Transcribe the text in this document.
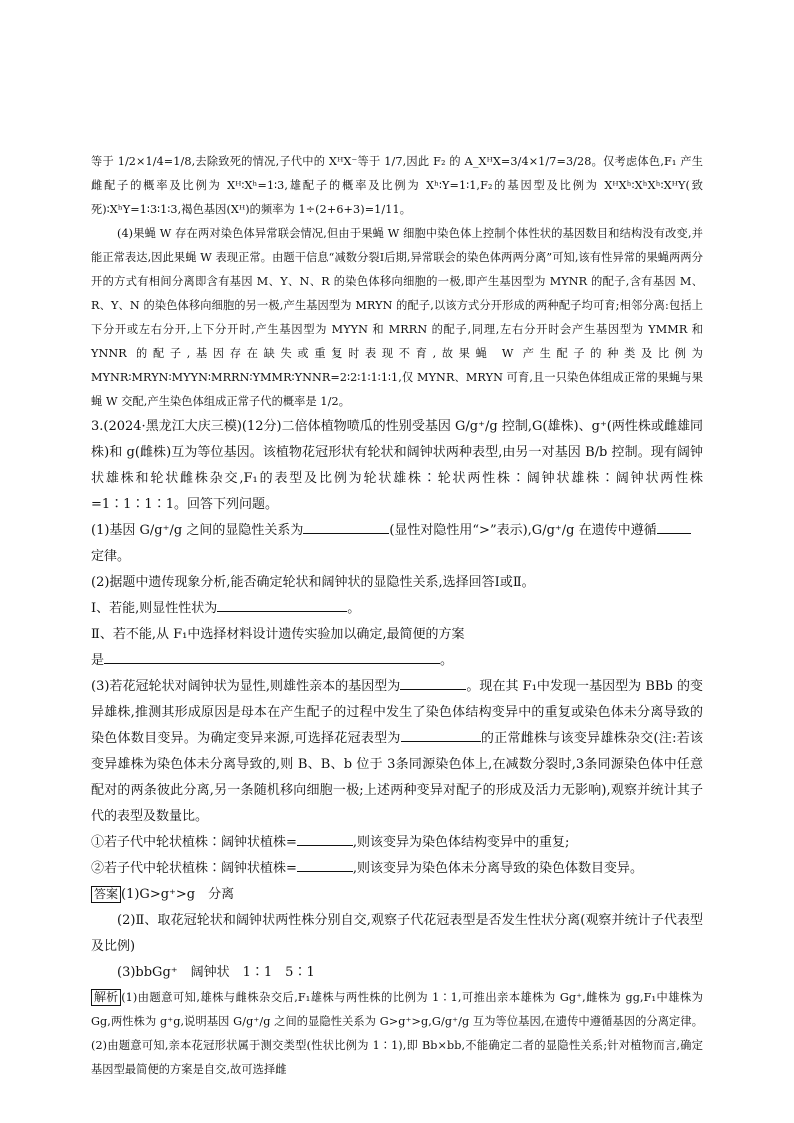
等于 1/2×1/4=1/8,去除致死的情况,子代中的 XᴴX⁻等于 1/7,因此 F₂ 的 A_XᴴX=3/4×1/7=3/28。仅考虑体色,F₁ 产生雌配子的概率及比例为 Xᴴ∶Xʰ=1∶3,雄配子的概率及比例为 Xʰ∶Y=1∶1,F₂的基因型及比例为 XᴴXʰ∶XʰXʰ∶XᴴY(致死)∶XʰY=1∶3∶1∶3,褐色基因(Xᴴ)的频率为 1÷(2+6+3)=1/11。

(4)果蝇 W 存在两对染色体异常联会情况,但由于果蝇 W 细胞中染色体上控制个体性状的基因数目和结构没有改变,并能正常表达,因此果蝇 W 表现正常。由题干信息“减数分裂Ⅰ后期,异常联会的染色体两两分离”可知,该有性异常的果蝇两两分开的方式有相间分离即含有基因 M、Y、N、R 的染色体移向细胞的一极,即产生基因型为 MYNR 的配子,含有基因 M、R、Y、N 的染色体移向细胞的另一极,产生基因型为 MRYN 的配子,以该方式分开形成的两种配子均可育;相邻分离:包括上下分开或左右分开,上下分开时,产生基因型为 MYYN 和 MRRN 的配子,同理,左右分开时会产生基因型为 YMMR 和 YNNR 的配子,基因存在缺失或重复时表现不育,故果蝇 W 产生配子的种类及比例为 MYNR∶MRYN∶MYYN∶MRRN∶YMMR∶YNNR=2∶2∶1∶1∶1∶1,仅 MYNR、MRYN 可育,且一只染色体组成正常的果蝇与果蝇 W 交配,产生染色体组成正常子代的概率是 1/2。

3.(2024·黑龙江大庆三模)(12分)二倍体植物喷瓜的性别受基因 G/g⁺/g 控制,G(雄株)、g⁺(两性株或雌雄同株)和 g(雌株)互为等位基因。该植物花冠形状有轮状和阔钟状两种表型,由另一对基因 B/b 控制。现有阔钟状雄株和轮状雌株杂交,F₁的表型及比例为轮状雄株∶轮状两性株∶阔钟状雄株∶阔钟状两性株=1∶1∶1∶1。回答下列问题。

(1)基因 G/g⁺/g 之间的显隐性关系为	(显性对隐性用“>”表示),G/g⁺/g 在遗传中遵循
定律。

(2)据题中遗传现象分析,能否确定轮状和阔钟状的显隐性关系,选择回答Ⅰ或Ⅱ。

Ⅰ、若能,则显性性状为	。

Ⅱ、若不能,从 F₁中选择材料设计遗传实验加以确定,最简便的方案
是	。

(3)若花冠轮状对阔钟状为显性,则雄性亲本的基因型为	。现在其 F₁中发现一基因型为 BBb 的变异雄株,推测其形成原因是母本在产生配子的过程中发生了染色体结构变异中的重复或染色体未分离导致的染色体数目变异。为确定变异来源,可选择花冠表型为	的正常雌株与该变异雄株杂交(注:若该变异雄株为染色体未分离导致的,则 B、B、b 位于 3条同源染色体上,在减数分裂时,3条同源染色体中任意配对的两条彼此分离,另一条随机移向细胞一极;上述两种变异对配子的形成及活力无影响),观察并统计其子代的表型及数量比。

①若子代中轮状植株∶阔钟状植株=	,则该变异为染色体结构变异中的重复;

②若子代中轮状植株∶阔钟状植株=	,则该变异为染色体未分离导致的染色体数目变异。

答案 (1)G>g⁺>g　分离

(2)Ⅱ、取花冠轮状和阔钟状两性株分别自交,观察子代花冠表型是否发生性状分离(观察并统计子代表型及比例)

(3)bbGg⁺　阔钟状　1∶1　5∶1

解析 (1)由题意可知,雄株与雌株杂交后,F₁雄株与两性株的比例为 1∶1,可推出亲本雄株为 Gg⁺,雌株为 gg,F₁中雄株为 Gg,两性株为 g⁺g,说明基因 G/g⁺/g 之间的显隐性关系为 G>g⁺>g,G/g⁺/g 互为等位基因,在遗传中遵循基因的分离定律。(2)由题意可知,亲本花冠形状属于测交类型(性状比例为 1∶1),即 Bb×bb,不能确定二者的显隐性关系;针对植物而言,确定基因型最简便的方案是自交,故可选择雌
